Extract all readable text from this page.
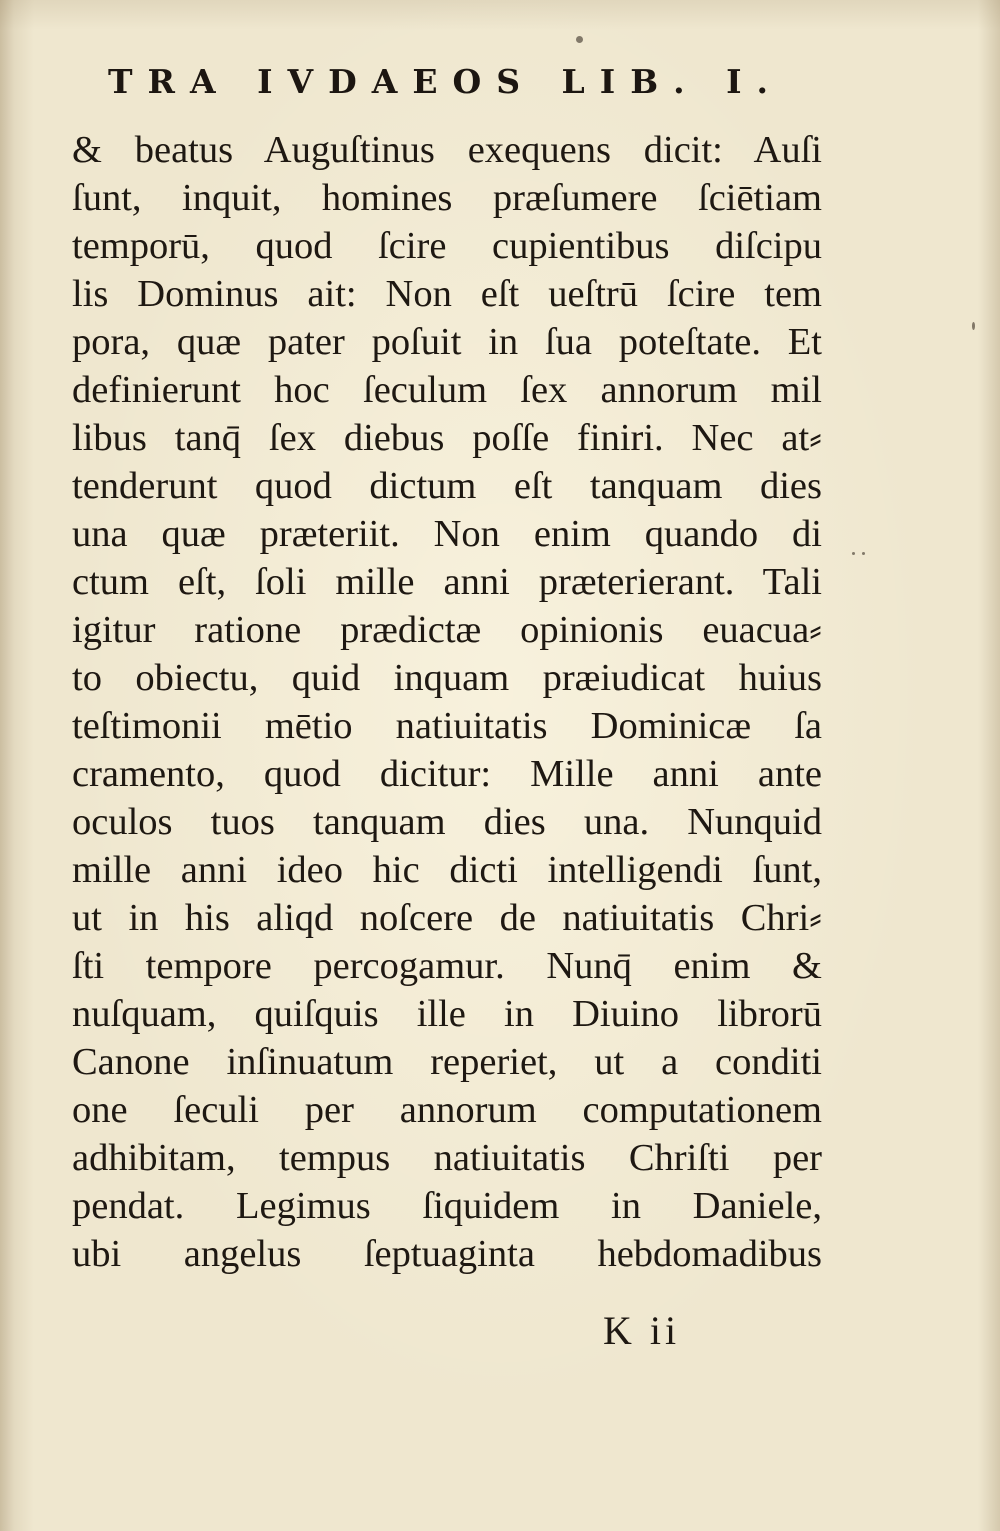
TRA IVDAEOS LIB. I.
& beatus Auguſtinus exequens dicit: Auſi
ſunt, inquit, homines præſumere ſciētiam
temporū, quod ſcire cupientibus diſcipu
lis Dominus ait: Non eſt ueſtrū ſcire tem
pora, quæ pater poſuit in ſua poteſtate. Et
definierunt hoc ſeculum ſex annorum mil
libus tanq̄ ſex diebus poſſe finiri. Nec at⸗
tenderunt quod dictum eſt tanquam dies
una quæ præteriit. Non enim quando di
ctum eſt, ſoli mille anni præterierant. Tali
igitur ratione prædictæ opinionis euacua⸗
to obiectu, quid inquam præiudicat huius
teſtimonii mētio natiuitatis Dominicæ ſa
cramento, quod dicitur: Mille anni ante
oculos tuos tanquam dies una. Nunquid
mille anni ideo hic dicti intelligendi ſunt,
ut in his aliqd noſcere de natiuitatis Chri⸗
ſti tempore percogamur. Nunq̄ enim &
nuſquam, quiſquis ille in Diuino librorū
Canone inſinuatum reperiet, ut a conditi
one ſeculi per annorum computationem
adhibitam, tempus natiuitatis Chriſti per
pendat. Legimus ſiquidem in Daniele,
ubi angelus ſeptuaginta hebdomadibus
K ii
